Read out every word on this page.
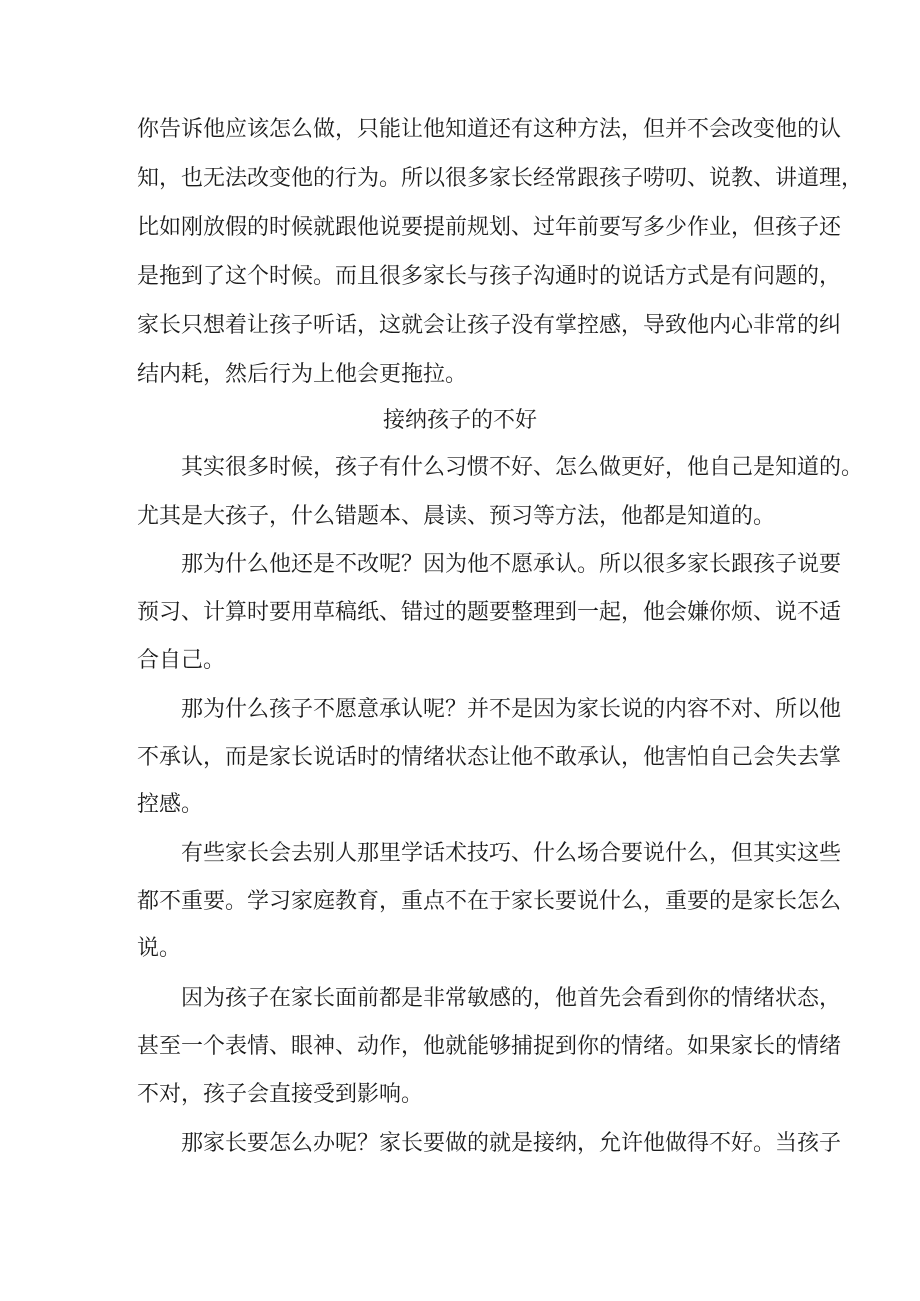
你告诉他应该怎么做，只能让他知道还有这种方法，但并不会改变他的认
知，也无法改变他的行为。所以很多家长经常跟孩子唠叨、说教、讲道理，
比如刚放假的时候就跟他说要提前规划、过年前要写多少作业，但孩子还
是拖到了这个时候。而且很多家长与孩子沟通时的说话方式是有问题的，
家长只想着让孩子听话，这就会让孩子没有掌控感，导致他内心非常的纠
结内耗，然后行为上他会更拖拉。
接纳孩子的不好
其实很多时候，孩子有什么习惯不好、怎么做更好，他自己是知道的。
尤其是大孩子，什么错题本、晨读、预习等方法，他都是知道的。
那为什么他还是不改呢？因为他不愿承认。所以很多家长跟孩子说要
预习、计算时要用草稿纸、错过的题要整理到一起，他会嫌你烦、说不适
合自己。
那为什么孩子不愿意承认呢？并不是因为家长说的内容不对、所以他
不承认，而是家长说话时的情绪状态让他不敢承认，他害怕自己会失去掌
控感。
有些家长会去别人那里学话术技巧、什么场合要说什么，但其实这些
都不重要。学习家庭教育，重点不在于家长要说什么，重要的是家长怎么
说。
因为孩子在家长面前都是非常敏感的，他首先会看到你的情绪状态，
甚至一个表情、眼神、动作，他就能够捕捉到你的情绪。如果家长的情绪
不对，孩子会直接受到影响。
那家长要怎么办呢？家长要做的就是接纳，允许他做得不好。当孩子
